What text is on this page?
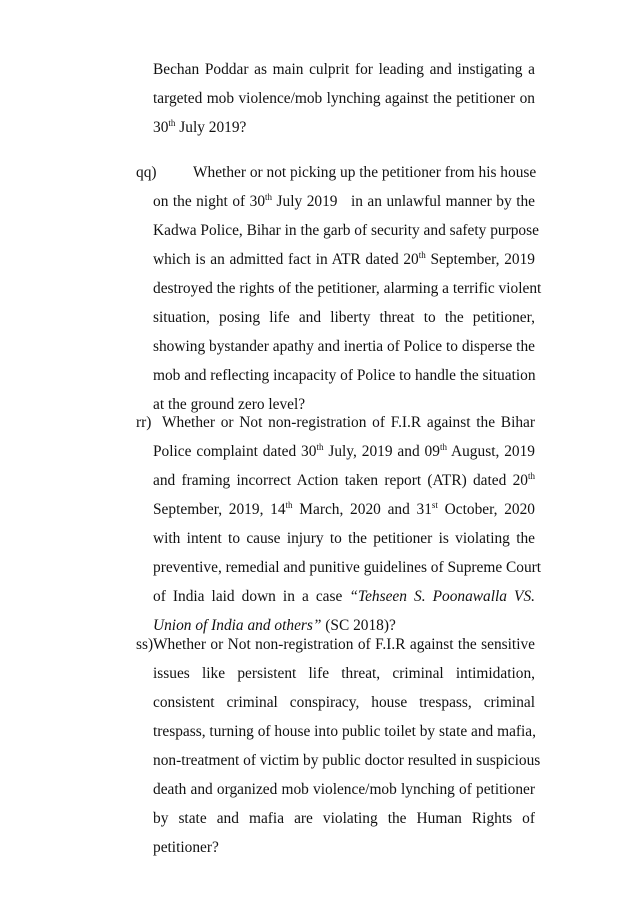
Bechan Poddar as main culprit for leading and instigating a
targeted mob violence/mob lynching against the petitioner on
30th July 2019?
qq)	Whether or not picking up the petitioner from his house
on the night of 30th July 2019   in an unlawful manner by the
Kadwa Police, Bihar in the garb of security and safety purpose
which is an admitted fact in ATR dated 20th September, 2019
destroyed the rights of the petitioner, alarming a terrific violent
situation, posing life and liberty threat to the petitioner,
showing bystander apathy and inertia of Police to disperse the
mob and reflecting incapacity of Police to handle the situation
at the ground zero level?
rr) Whether or Not non-registration of F.I.R against the Bihar
Police complaint dated 30th July, 2019 and 09th August, 2019
and framing incorrect Action taken report (ATR) dated 20th
September, 2019, 14th March, 2020 and 31st October, 2020
with intent to cause injury to the petitioner is violating the
preventive, remedial and punitive guidelines of Supreme Court
of India laid down in a case “Tehseen S. Poonawalla VS.
Union of India and others” (SC 2018)?
ss) Whether or Not non-registration of F.I.R against the sensitive
issues like persistent life threat, criminal intimidation,
consistent criminal conspiracy, house trespass, criminal
trespass, turning of house into public toilet by state and mafia,
non-treatment of victim by public doctor resulted in suspicious
death and organized mob violence/mob lynching of petitioner
by state and mafia are violating the Human Rights of
petitioner?
